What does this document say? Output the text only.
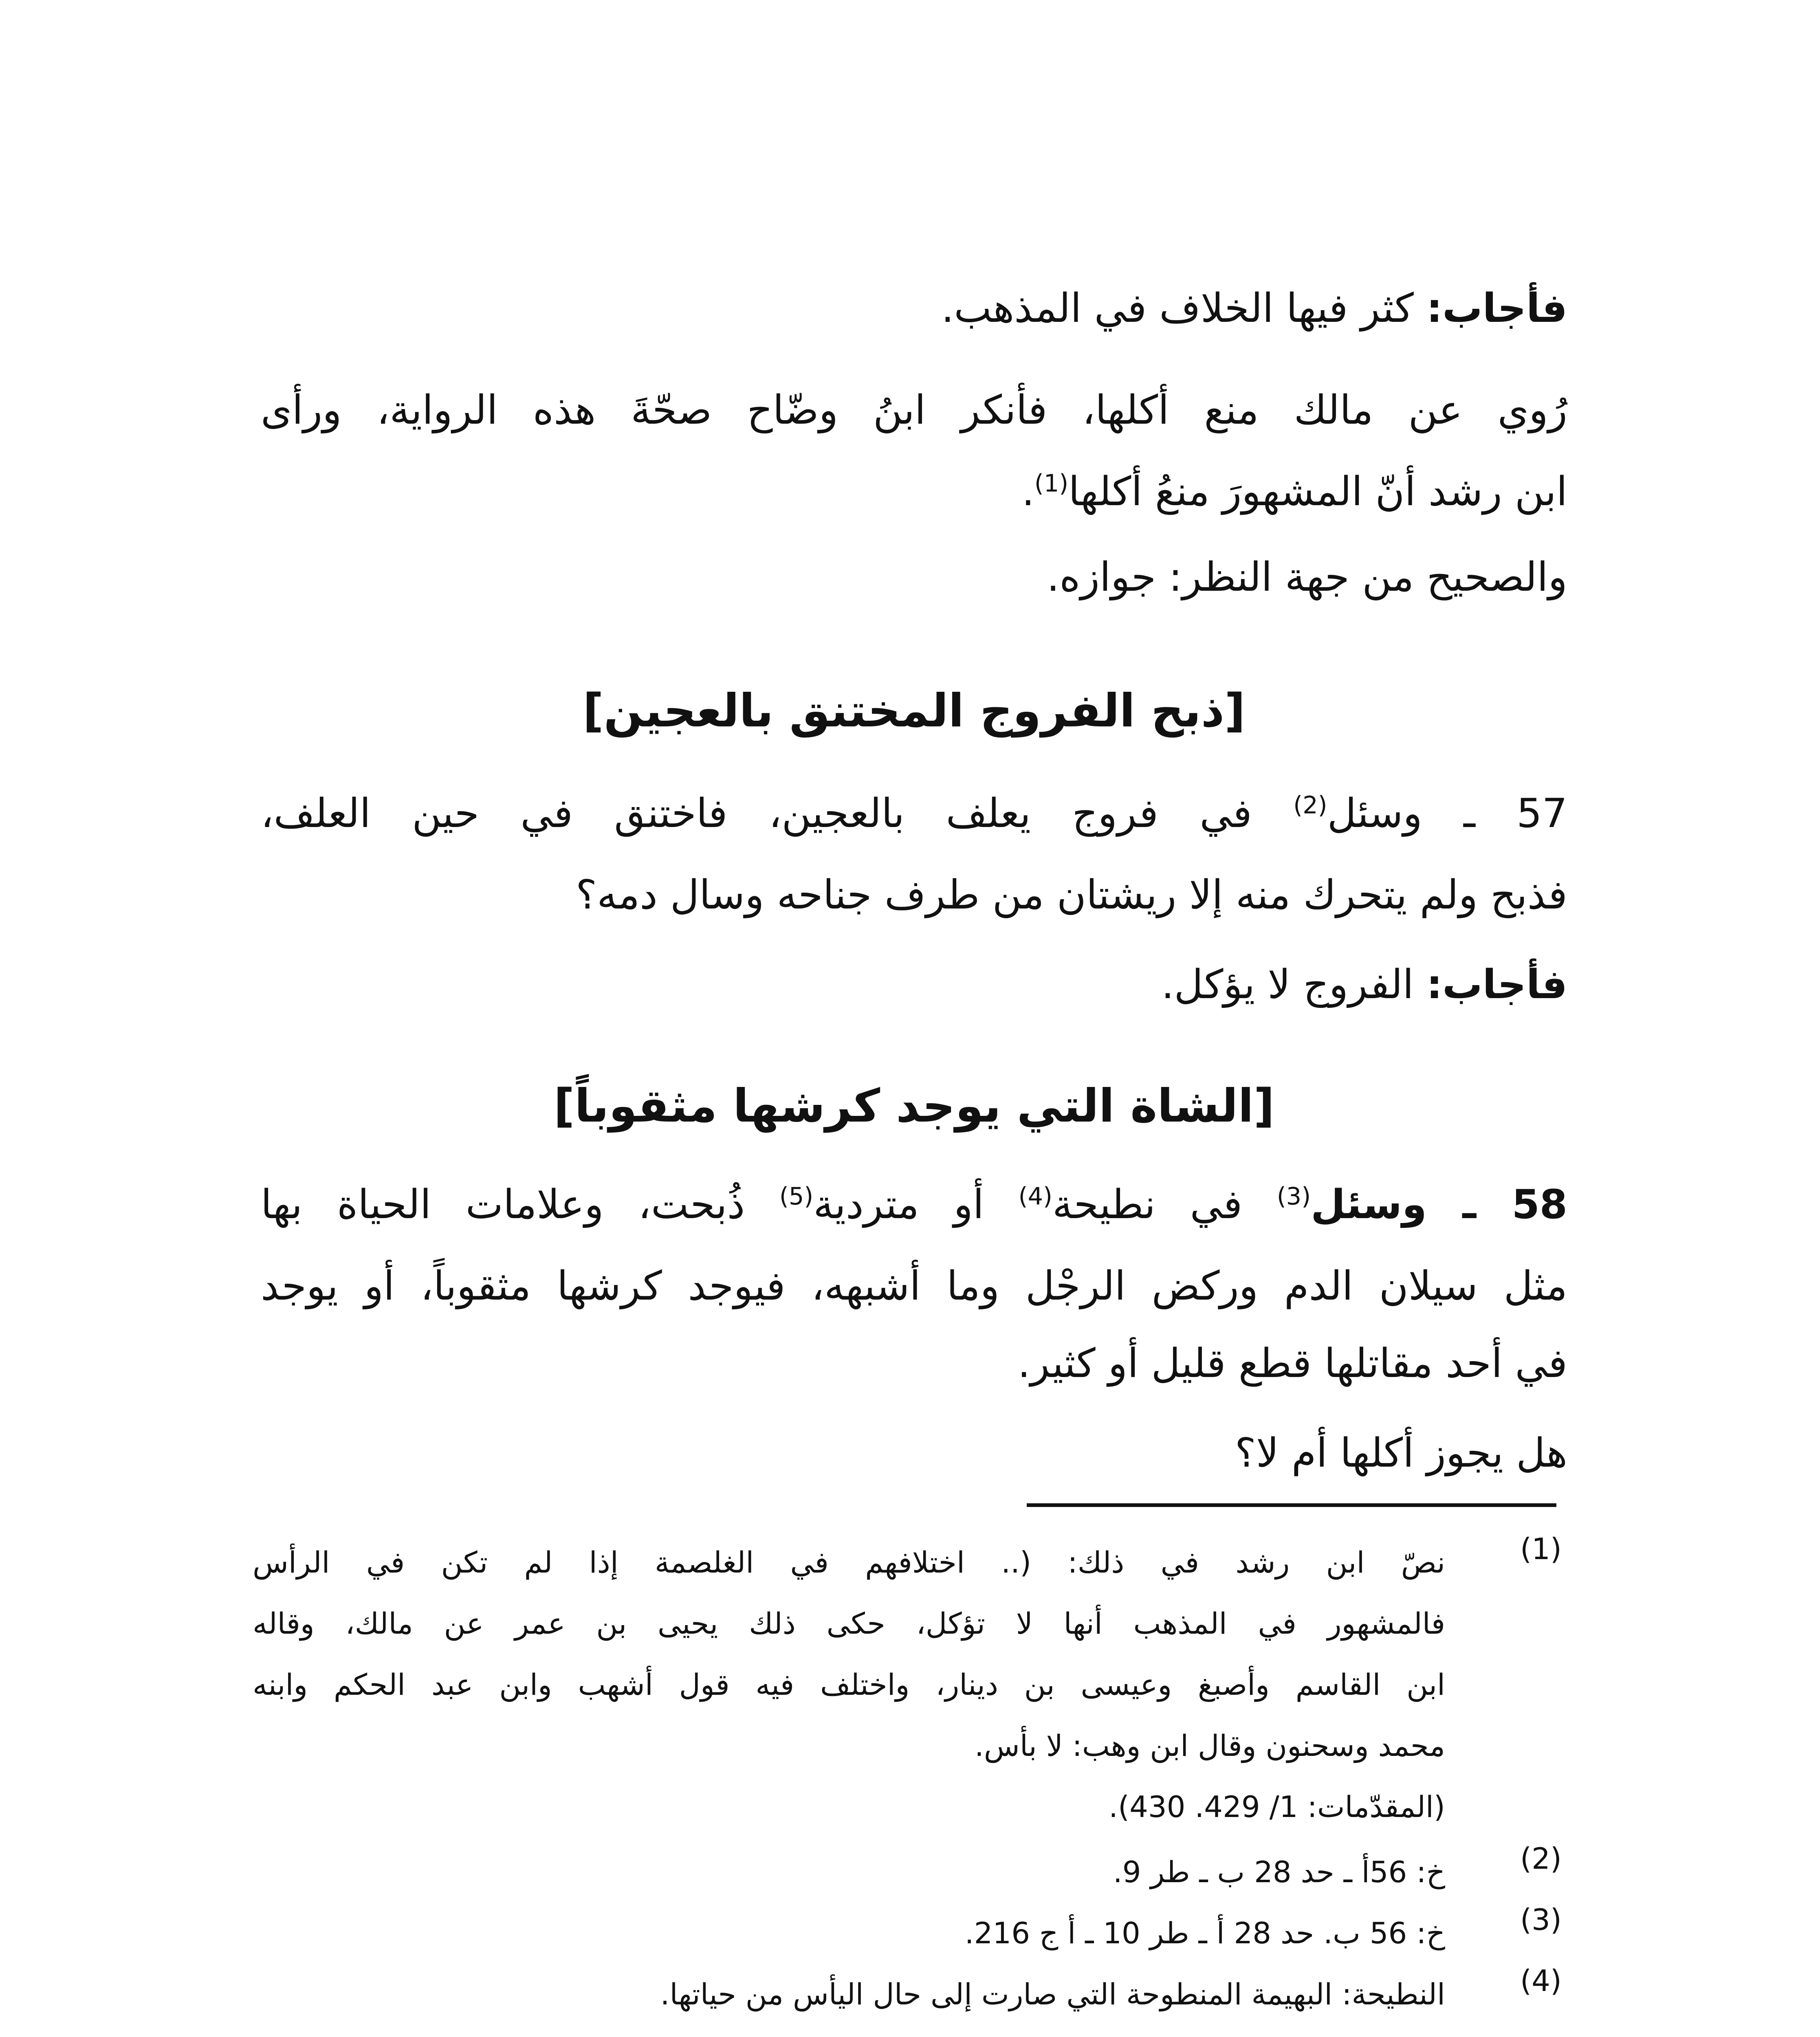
فأجاب: كثر فيها الخلاف في المذهب.
رُوي عن مالك منع أكلها، فأنكر ابنُ وضّاح صحّةَ هذه الرواية، ورأى
ابن رشد أنّ المشهورَ منعُ أكلها$^{(1)}$.
والصحيح من جهة النظر: جوازه.
[ذبح الفروج المختنق بالعجين]
57 ـ وسئل$^{(2)}$ في فروج يعلف بالعجين، فاختنق في حين العلف،
فذبح ولم يتحرك منه إلا ريشتان من طرف جناحه وسال دمه؟
فأجاب: الفروج لا يؤكل.
[الشاة التي يوجد كرشها مثقوباً]
58 ـ وسئل$^{(3)}$ في نطيحة$^{(4)}$ أو متردية$^{(5)}$ ذُبحت، وعلامات الحياة بها
مثل سيلان الدم وركض الرجْل وما أشبهه، فيوجد كرشها مثقوباً، أو يوجد
في أحد مقاتلها قطع قليل أو كثير.
هل يجوز أكلها أم لا؟
(1)
نصّ ابن رشد في ذلك: (.. اختلافهم في الغلصمة إذا لم تكن في الرأس
فالمشهور في المذهب أنها لا تؤكل، حكى ذلك يحيى بن عمر عن مالك، وقاله
ابن القاسم وأصبغ وعيسى بن دينار، واختلف فيه قول أشهب وابن عبد الحكم وابنه
محمد وسحنون وقال ابن وهب: لا بأس.
(المقدّمات: 1/ 429. 430).
(2)
خ: 56أ ـ حد 28 ب ـ طر 9.
(3)
خ: 56 ب. حد 28 أ ـ طر 10 ـ أ ج 216.
(4)
النطيحة: البهيمة المنطوحة التي صارت إلى حال اليأس من حياتها.
